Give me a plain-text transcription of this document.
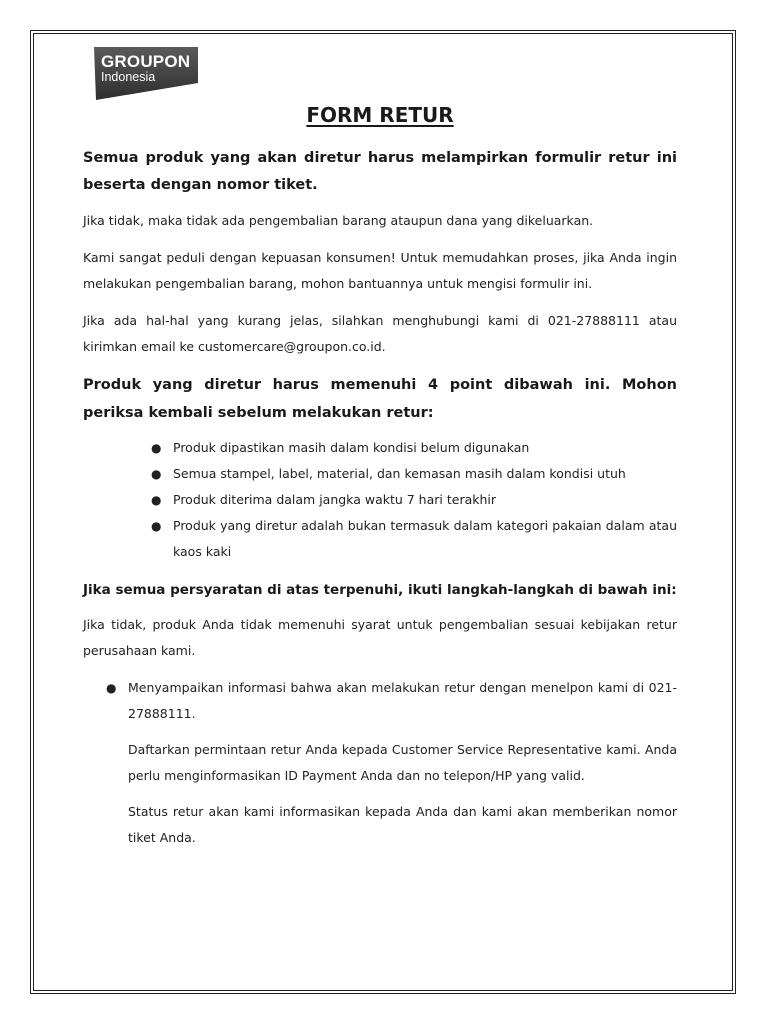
GROUPON
Indonesia
FORM RETUR

Semua produk yang akan diretur harus melampirkan formulir retur ini beserta dengan nomor tiket.

Jika tidak, maka tidak ada pengembalian barang ataupun dana yang dikeluarkan.

Kami sangat peduli dengan kepuasan konsumen! Untuk memudahkan proses, jika Anda ingin melakukan pengembalian barang, mohon bantuannya untuk mengisi formulir ini.

Jika ada hal-hal yang kurang jelas, silahkan menghubungi kami di 021-27888111 atau kirimkan email ke customercare@groupon.co.id.

Produk yang diretur harus memenuhi 4 point dibawah ini. Mohon periksa kembali sebelum melakukan retur:

● Produk dipastikan masih dalam kondisi belum digunakan
● Semua stampel, label, material, dan kemasan masih dalam kondisi utuh
● Produk diterima dalam jangka waktu 7 hari terakhir
● Produk yang diretur adalah bukan termasuk dalam kategori pakaian dalam atau kaos kaki

Jika semua persyaratan di atas terpenuhi, ikuti langkah-langkah di bawah ini:

Jika tidak, produk Anda tidak memenuhi syarat untuk pengembalian sesuai kebijakan retur perusahaan kami.

● Menyampaikan informasi bahwa akan melakukan retur dengan menelpon kami di 021-27888111.

Daftarkan permintaan retur Anda kepada Customer Service Representative kami. Anda perlu menginformasikan ID Payment Anda dan no telepon/HP yang valid.

Status retur akan kami informasikan kepada Anda dan kami akan memberikan nomor tiket Anda.
